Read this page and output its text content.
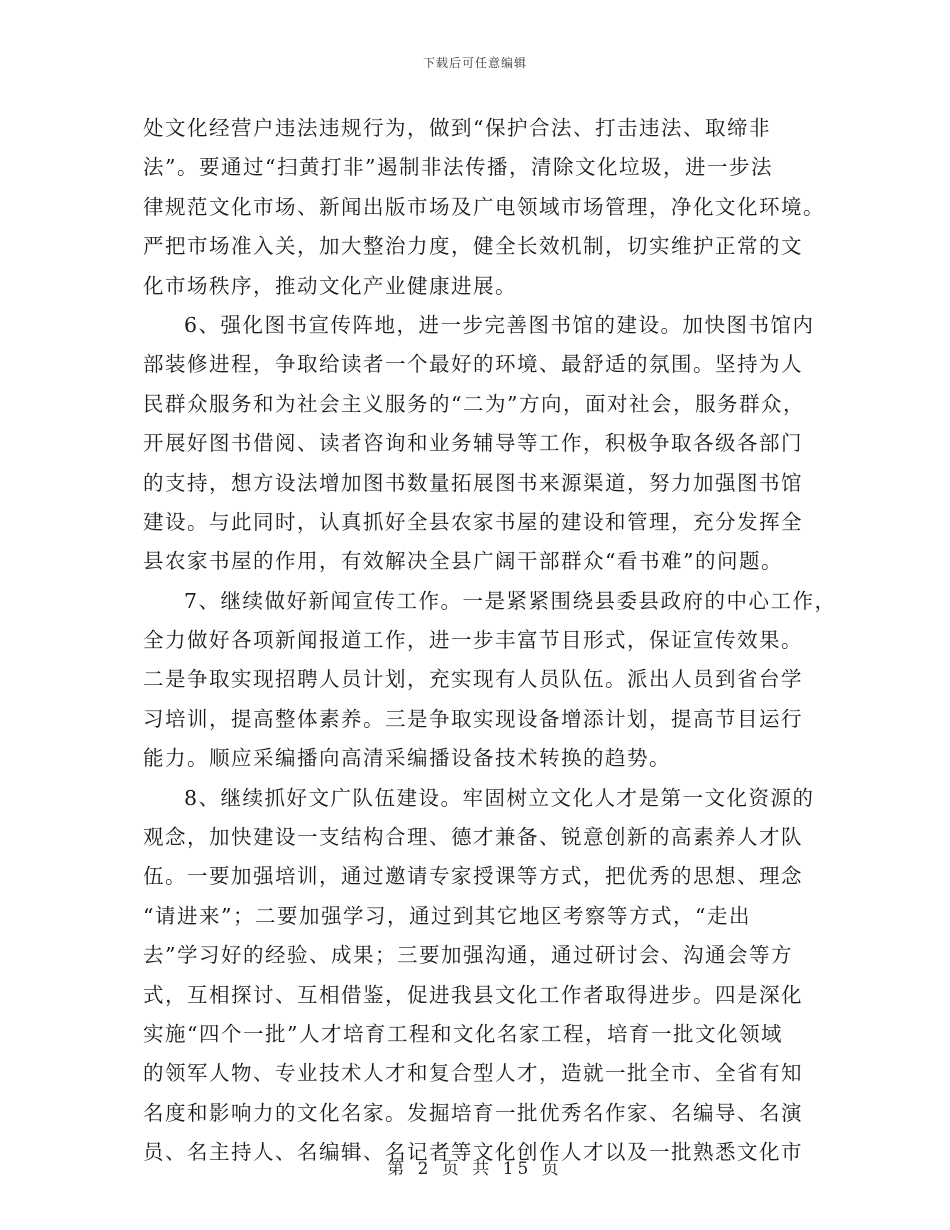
下载后可任意编辑
处文化经营户违法违规行为，做到“保护合法、打击违法、取缔非
法”。要通过“扫黄打非”遏制非法传播，清除文化垃圾，进一步法
律规范文化市场、新闻出版市场及广电领域市场管理，净化文化环境。
严把市场准入关，加大整治力度，健全长效机制，切实维护正常的文
化市场秩序，推动文化产业健康进展。
6、强化图书宣传阵地，进一步完善图书馆的建设。加快图书馆内
部装修进程，争取给读者一个最好的环境、最舒适的氛围。坚持为人
民群众服务和为社会主义服务的“二为”方向，面对社会，服务群众，
开展好图书借阅、读者咨询和业务辅导等工作，积极争取各级各部门
的支持，想方设法增加图书数量拓展图书来源渠道，努力加强图书馆
建设。与此同时，认真抓好全县农家书屋的建设和管理，充分发挥全
县农家书屋的作用，有效解决全县广阔干部群众“看书难”的问题。
7、继续做好新闻宣传工作。一是紧紧围绕县委县政府的中心工作，
全力做好各项新闻报道工作，进一步丰富节目形式，保证宣传效果。
二是争取实现招聘人员计划，充实现有人员队伍。派出人员到省台学
习培训，提高整体素养。三是争取实现设备增添计划，提高节目运行
能力。顺应采编播向高清采编播设备技术转换的趋势。
8、继续抓好文广队伍建设。牢固树立文化人才是第一文化资源的
观念，加快建设一支结构合理、德才兼备、锐意创新的高素养人才队
伍。一要加强培训，通过邀请专家授课等方式，把优秀的思想、理念
“请进来”；二要加强学习，通过到其它地区考察等方式，“走出
去”学习好的经验、成果；三要加强沟通，通过研讨会、沟通会等方
式，互相探讨、互相借鉴，促进我县文化工作者取得进步。四是深化
实施“四个一批”人才培育工程和文化名家工程，培育一批文化领域
的领军人物、专业技术人才和复合型人才，造就一批全市、全省有知
名度和影响力的文化名家。发掘培育一批优秀名作家、名编导、名演
员、名主持人、名编辑、名记者等文化创作人才以及一批熟悉文化市
第 2 页 共 15 页
